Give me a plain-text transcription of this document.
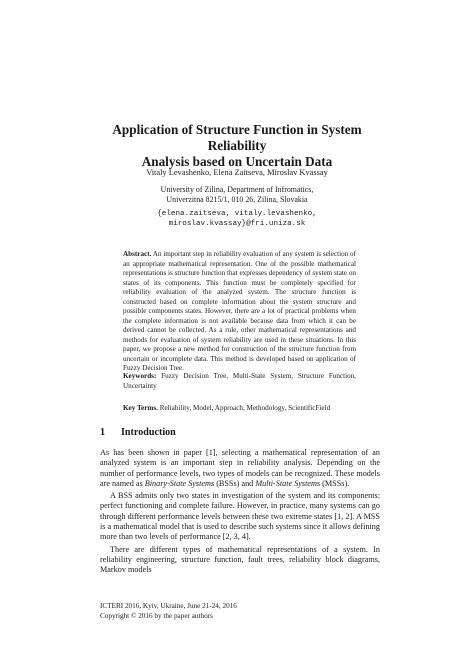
Application of Structure Function in System Reliability
Analysis based on Uncertain Data
Vitaly Levashenko, Elena Zaitseva, Miroslav Kvassay
University of Zilina, Department of Infromatics,
Univerzitna 8215/1, 010 26, Zilina, Slovakia
{elena.zaitseva, vitaly.levashenko,
miroslav.kvassay}@fri.uniza.sk

Abstract. An important step in reliability evaluation of any system is selection of an appropriate mathematical representation. One of the possible mathematical representations is structure function that expresses dependency of system state on states of its components. This function must be completely specified for reliability evaluation of the analyzed system. The structure function is constructed based on complete information about the system structure and possible components states. However, there are a lot of practical problems when the complete information is not available because data from which it can be derived cannot be collected. As a rule, other mathematical representations and methods for evaluation of system reliability are used in these situations. In this paper, we propose a new method for construction of the structure function from uncertain or incomplete data. This method is developed based on application of Fuzzy Decision Tree.

Keywords: Fuzzy Decision Tree, Multi-State System, Structure Function, Uncertainty

Key Terms. Reliability, Model, Approach, Methodology, ScientificField

1 Introduction

As has been shown in paper [1], selecting a mathematical representation of an analyzed system is an important step in reliability analysis. Depending on the number of performance levels, two types of models can be recognized. These models are named as Binary-State Systems (BSSs) and Multi-State Systems (MSSs).

A BSS admits only two states in investigation of the system and its components: perfect functioning and complete failure. However, in practice, many systems can go through different performance levels between these two extreme states [1, 2]. A MSS is a mathematical model that is used to describe such systems since it allows defining more than two levels of performance [2, 3, 4].

There are different types of mathematical representations of a system. In reliability engineering, structure function, fault trees, reliability block diagrams, Markov models

ICTERI 2016, Kyiv, Ukraine, June 21-24, 2016
Copyright © 2016 by the paper authors
